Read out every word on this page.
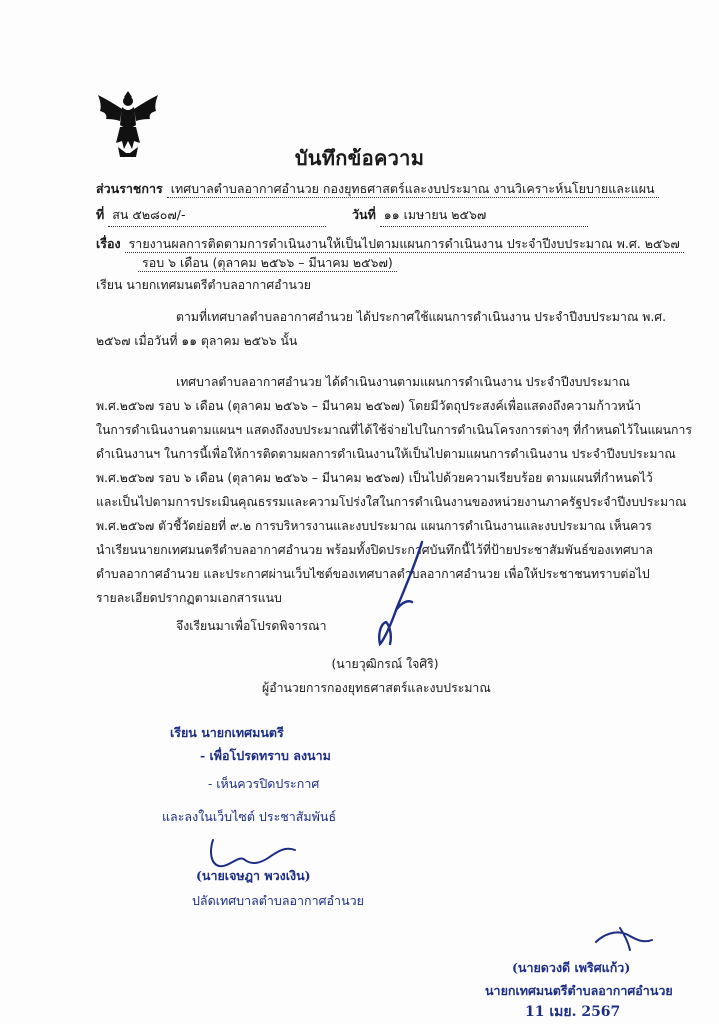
บันทึกข้อความ
ส่วนราชการ เทศบาลตำบลอากาศอำนวย กองยุทธศาสตร์และงบประมาณ งานวิเคราะห์นโยบายและแผน
ที่ สน ๕๒๘๐๗/-	วันที่ ๑๑ เมษายน ๒๕๖๗
เรื่อง รายงานผลการติดตามการดำเนินงานให้เป็นไปตามแผนการดำเนินงาน ประจำปีงบประมาณ พ.ศ. ๒๕๖๗
รอบ ๖ เดือน (ตุลาคม ๒๕๖๖ – มีนาคม ๒๕๖๗)
เรียน นายกเทศมนตรีตำบลอากาศอำนวย
ตามที่เทศบาลตำบลอากาศอำนวย ได้ประกาศใช้แผนการดำเนินงาน ประจำปีงบประมาณ พ.ศ.
๒๕๖๗ เมื่อวันที่ ๑๑ ตุลาคม ๒๕๖๖ นั้น
เทศบาลตำบลอากาศอำนวย ได้ดำเนินงานตามแผนการดำเนินงาน ประจำปีงบประมาณ
พ.ศ.๒๕๖๗ รอบ ๖ เดือน (ตุลาคม ๒๕๖๖ – มีนาคม ๒๕๖๗) โดยมีวัตถุประสงค์เพื่อแสดงถึงความก้าวหน้า
ในการดำเนินงานตามแผนฯ แสดงถึงงบประมาณที่ได้ใช้จ่ายไปในการดำเนินโครงการต่างๆ ที่กำหนดไว้ในแผนการ
ดำเนินงานฯ ในการนี้เพื่อให้การติดตามผลการดำเนินงานให้เป็นไปตามแผนการดำเนินงาน ประจำปีงบประมาณ
พ.ศ.๒๕๖๗ รอบ ๖ เดือน (ตุลาคม ๒๕๖๖ – มีนาคม ๒๕๖๗) เป็นไปด้วยความเรียบร้อย ตามแผนที่กำหนดไว้
และเป็นไปตามการประเมินคุณธรรมและความโปร่งใสในการดำเนินงานของหน่วยงานภาครัฐประจำปีงบประมาณ
พ.ศ.๒๕๖๗ ตัวชี้วัดย่อยที่ ๙.๒ การบริหารงานและงบประมาณ แผนการดำเนินงานและงบประมาณ เห็นควร
นำเรียนนายกเทศมนตรีตำบลอากาศอำนวย พร้อมทั้งปิดประกาศบันทึกนี้ไว้ที่ป้ายประชาสัมพันธ์ของเทศบาล
ตำบลอากาศอำนวย และประกาศผ่านเว็บไซต์ของเทศบาลตำบลอากาศอำนวย เพื่อให้ประชาชนทราบต่อไป
รายละเอียดปรากฏตามเอกสารแนบ
จึงเรียนมาเพื่อโปรดพิจารณา
(นายวุฒิกรณ์ ใจศิริ)
ผู้อำนวยการกองยุทธศาสตร์และงบประมาณ
เรียน นายกเทศมนตรี
- เพื่อโปรดทราบ ลงนาม
- เห็นควรปิดประกาศ
และลงในเว็บไซต์ ประชาสัมพันธ์
(นายเจษฎา พวงเงิน)
ปลัดเทศบาลตำบลอากาศอำนวย
(นายดวงดี เพริศแก้ว)
นายกเทศมนตรีตำบลอากาศอำนวย
11 เมย. 2567
